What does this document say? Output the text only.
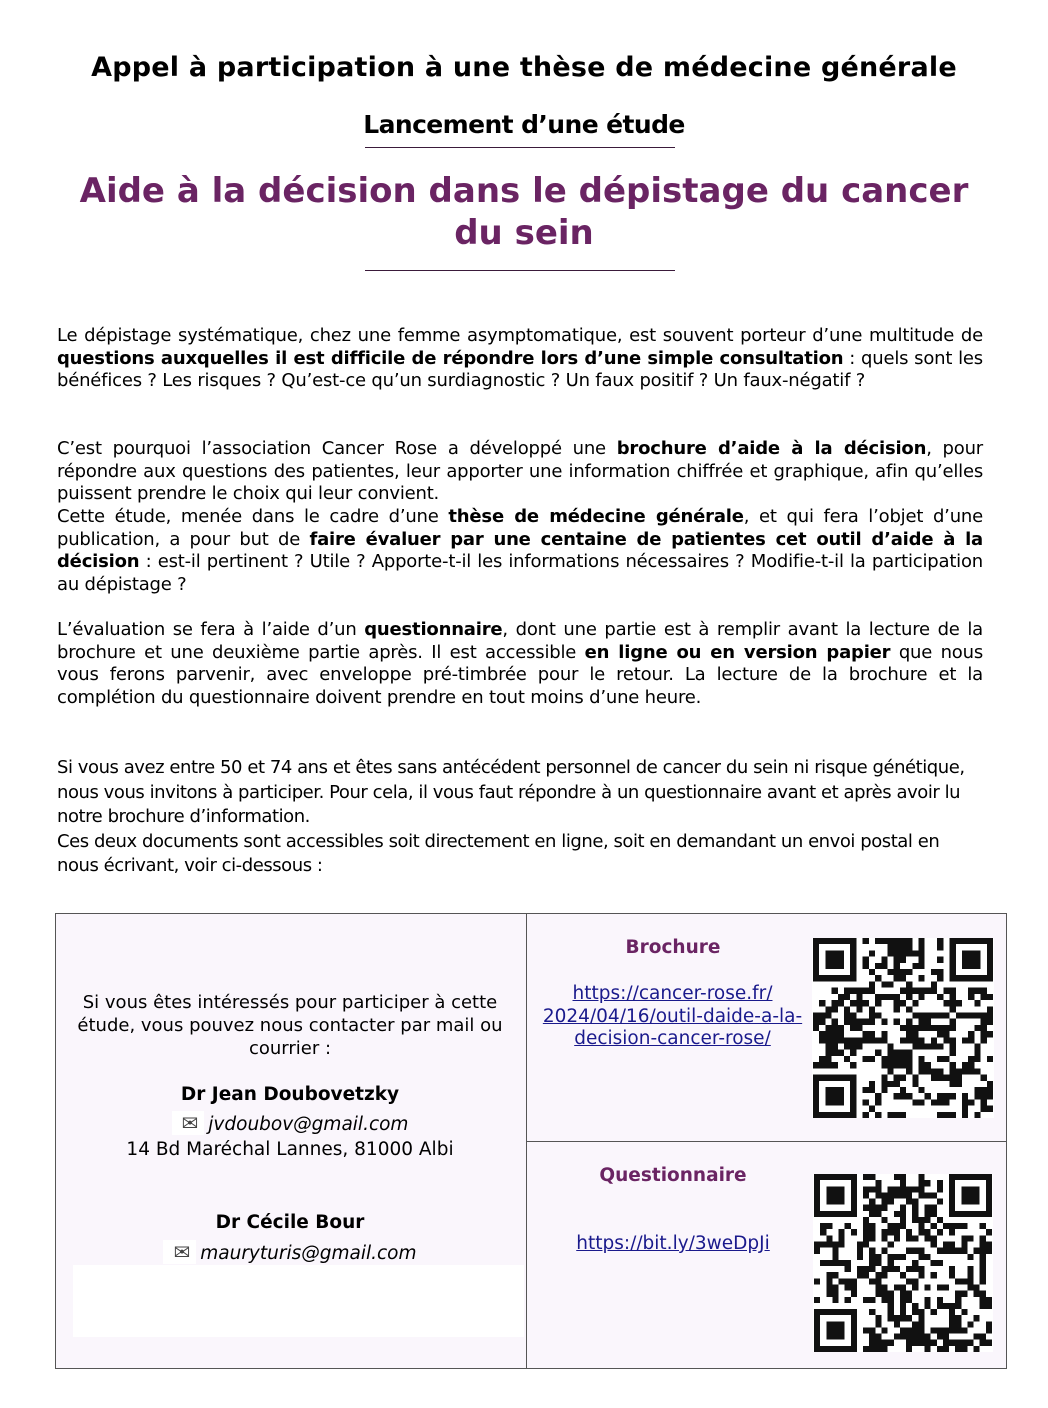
Appel à participation à une thèse de médecine générale
Lancement d’une étude
Aide à la décision dans le dépistage du cancer du sein
Le dépistage systématique, chez une femme asymptomatique, est souvent porteur d’une multitude de questions auxquelles il est difficile de répondre lors d’une simple consultation : quels sont les bénéfices ? Les risques ? Qu’est-ce qu’un surdiagnostic ? Un faux positif ? Un faux-négatif ?
C’est pourquoi l’association Cancer Rose a développé une brochure d’aide à la décision, pour répondre aux questions des patientes, leur apporter une information chiffrée et graphique, afin qu’elles puissent prendre le choix qui leur convient.
Cette étude, menée dans le cadre d’une thèse de médecine générale, et qui fera l’objet d’une publication, a pour but de faire évaluer par une centaine de patientes cet outil d’aide à la décision : est-il pertinent ? Utile ? Apporte-t-il les informations nécessaires ? Modifie-t-il la participation au dépistage ?
L’évaluation se fera à l’aide d’un questionnaire, dont une partie est à remplir avant la lecture de la brochure et une deuxième partie après. Il est accessible en ligne ou en version papier que nous vous ferons parvenir, avec enveloppe pré-timbrée pour le retour. La lecture de la brochure et la complétion du questionnaire doivent prendre en tout moins d’une heure.
Si vous avez entre 50 et 74 ans et êtes sans antécédent personnel de cancer du sein ni risque génétique, nous vous invitons à participer. Pour cela, il vous faut répondre à un questionnaire avant et après avoir lu notre brochure d’information.
Ces deux documents sont accessibles soit directement en ligne, soit en demandant un envoi postal en nous écrivant, voir ci-dessous :
Si vous êtes intéressés pour participer à cette étude, vous pouvez nous contacter par mail ou courrier :
Dr Jean Doubovetzky
✉ jvdoubov@gmail.com
14 Bd Maréchal Lannes, 81000 Albi
Dr Cécile Bour
✉ mauryturis@gmail.com
Brochure
https://cancer-rose.fr/
2024/04/16/outil-daide-a-la-
decision-cancer-rose/
Questionnaire
https://bit.ly/3weDpJi
